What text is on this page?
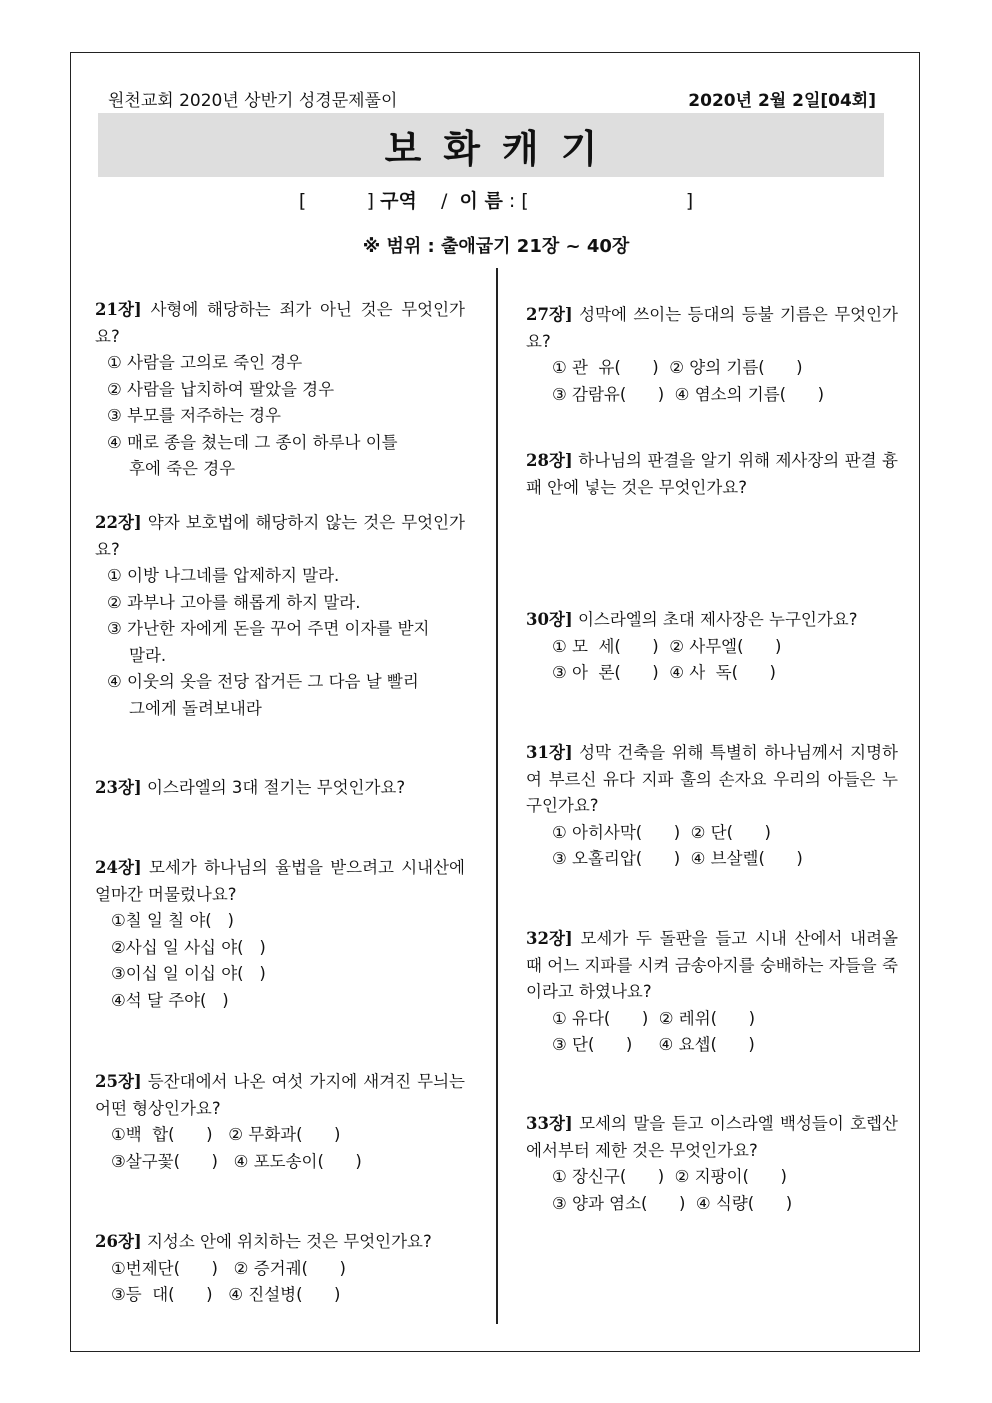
원천교회 2020년 상반기 성경문제풀이	2020년 2월 2일[04회]
보화캐기
[          ] 구역    /  이 름 : [                          ]
※ 범위 : 출애굽기 21장 ~ 40장
21장] 사형에 해당하는 죄가 아닌 것은 무엇인가요?
① 사람을 고의로 죽인 경우
② 사람을 납치하여 팔았을 경우
③ 부모를 저주하는 경우
④ 매로 종을 쳤는데 그 종이 하루나 이틀
후에 죽은 경우
22장] 약자 보호법에 해당하지 않는 것은 무엇인가요?
① 이방 나그네를 압제하지 말라.
② 과부나 고아를 해롭게 하지 말라.
③ 가난한 자에게 돈을 꾸어 주면 이자를 받지
말라.
④ 이웃의 옷을 전당 잡거든 그 다음 날 빨리
그에게 돌려보내라
23장] 이스라엘의 3대 절기는 무엇인가요?
24장] 모세가 하나님의 율법을 받으려고 시내산에 얼마간 머물렀나요?
①칠 일 칠 야(   )
②사십 일 사십 야(   )
③이십 일 이십 야(   )
④석 달 주야(   )
25장] 등잔대에서 나온 여섯 가지에 새겨진 무늬는 어떤 형상인가요?
①백  합(      )   ② 무화과(      )
③살구꽃(      )   ④ 포도송이(      )
26장] 지성소 안에 위치하는 것은 무엇인가요?
①번제단(      )   ② 증거궤(      )
③등  대(      )   ④ 진설병(      )
27장] 성막에 쓰이는 등대의 등불 기름은 무엇인가요?
① 관  유(      )  ② 양의 기름(      )
③ 감람유(      )  ④ 염소의 기름(      )
28장] 하나님의 판결을 알기 위해 제사장의 판결 흉패 안에 넣는 것은 무엇인가요?
30장] 이스라엘의 초대 제사장은 누구인가요?
① 모  세(      )  ② 사무엘(      )
③ 아  론(      )  ④ 사  독(      )
31장] 성막 건축을 위해 특별히 하나님께서 지명하여 부르신 유다 지파 훌의 손자요 우리의 아들은 누구인가요?
① 아히사막(      )  ② 단(      )
③ 오홀리압(      )  ④ 브살렐(      )
32장] 모세가 두 돌판을 들고 시내 산에서 내려올 때 어느 지파를 시켜 금송아지를 숭배하는 자들을 죽이라고 하였나요?
① 유다(      )  ② 레위(      )
③ 단(      )     ④ 요셉(      )
33장] 모세의 말을 듣고 이스라엘 백성들이 호렙산에서부터 제한 것은 무엇인가요?
① 장신구(      )  ② 지팡이(      )
③ 양과 염소(      )  ④ 식량(      )
